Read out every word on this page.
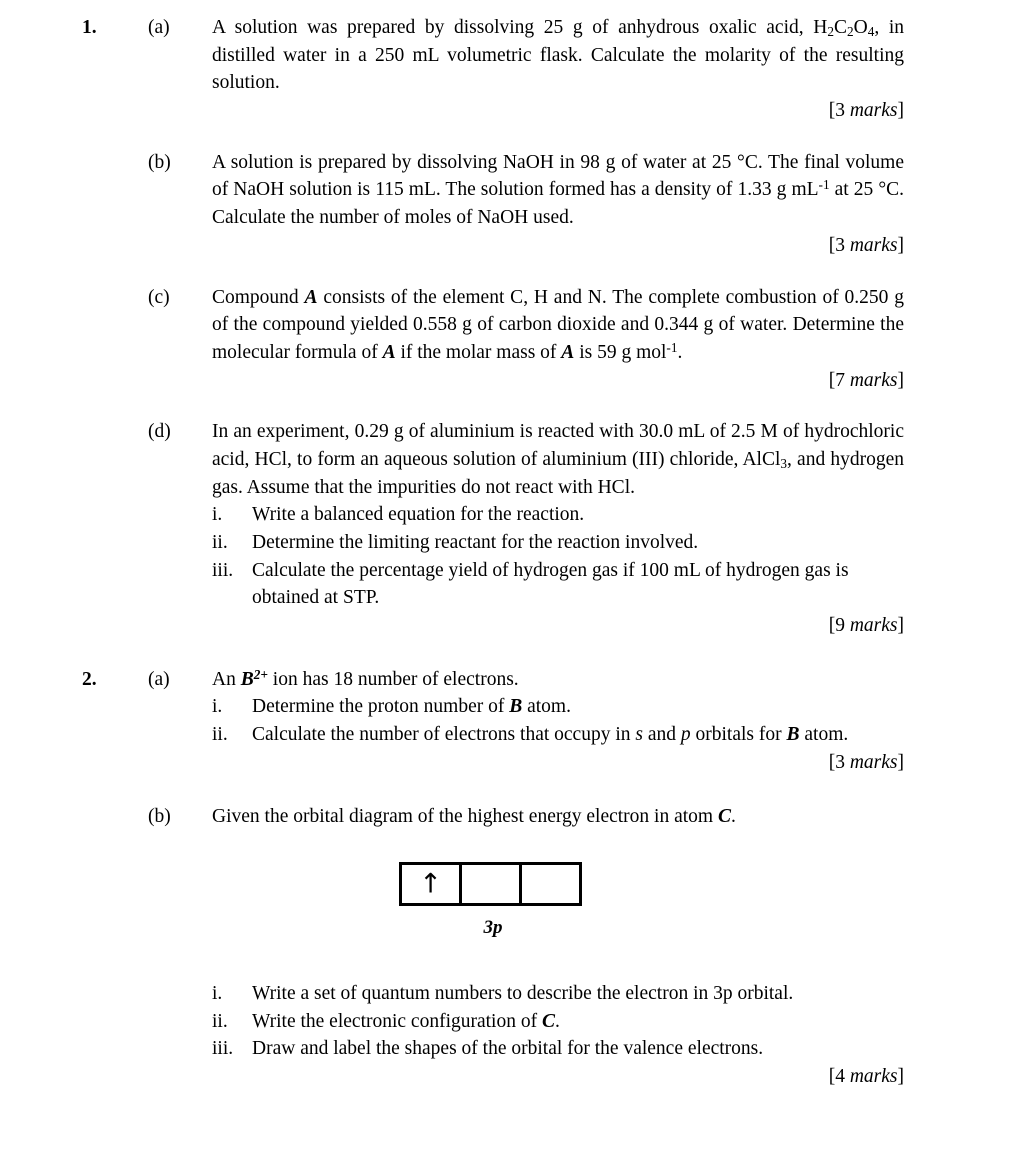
1.	(a)	A solution was prepared by dissolving 25 g of anhydrous oxalic acid, $H_2C_2O_4$, in distilled water in a 250 mL volumetric flask. Calculate the molarity of the resulting solution.
[3 marks]
(b)	A solution is prepared by dissolving NaOH in 98 g of water at 25 °C. The final volume of NaOH solution is 115 mL. The solution formed has a density of 1.33 g $mL^{-1}$ at 25 °C. Calculate the number of moles of NaOH used.
[3 marks]
(c)	Compound A consists of the element C, H and N. The complete combustion of 0.250 g of the compound yielded 0.558 g of carbon dioxide and 0.344 g of water. Determine the molecular formula of A if the molar mass of A is 59 g mol$^{-1}$.
[7 marks]
(d)	In an experiment, 0.29 g of aluminium is reacted with 30.0 mL of 2.5 M of hydrochloric acid, HCl, to form an aqueous solution of aluminium (III) chloride, AlCl$_3$, and hydrogen gas. Assume that the impurities do not react with HCl.
i.	Write a balanced equation for the reaction.
ii.	Determine the limiting reactant for the reaction involved.
iii. Calculate the percentage yield of hydrogen gas if 100 mL of hydrogen gas is obtained at STP.
[9 marks]
2.	(a)	An $B^{2+}$ ion has 18 number of electrons.
i.	Determine the proton number of B atom.
ii.	Calculate the number of electrons that occupy in s and p orbitals for B atom.
[3 marks]
(b)	Given the orbital diagram of the highest energy electron in atom C.
↑
3p
i.	Write a set of quantum numbers to describe the electron in 3p orbital.
ii.	Write the electronic configuration of C.
iii. Draw and label the shapes of the orbital for the valence electrons.
[4 marks]
